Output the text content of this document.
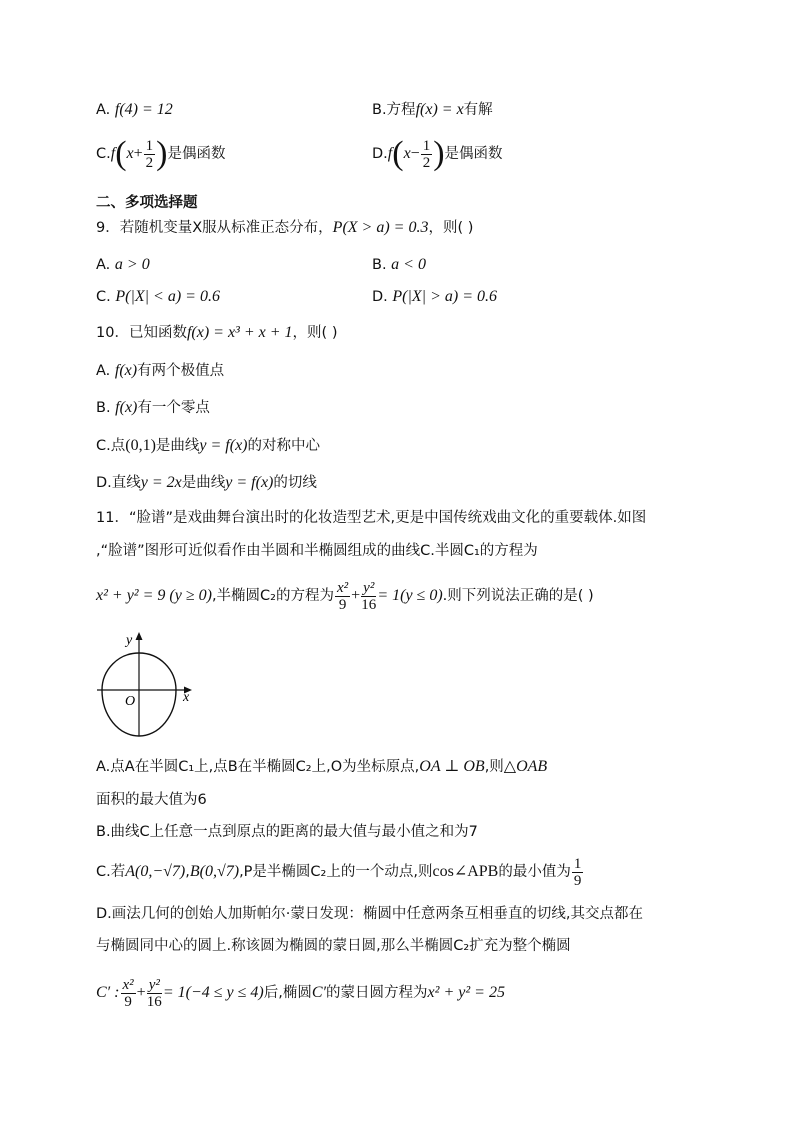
A. f(4) = 12	B.方程f(x) = x有解
$C.f(x+ \frac{1}{2}$ )是偶函数	$D.f(x- \frac{1}{2}$ )是偶函数
二、多项选择题
9．若随机变量X服从标准正态分布，P(X > a) = 0.3，则( )
A. a > 0	B. a < 0
C. P(|X| < a) = 0.6	D. P(|X| > a) = 0.6
10．已知函数f(x) = x³ + x + 1，则( )
A. f(x)有两个极值点
B. f(x)有一个零点
C.点(0,1)是曲线y = f(x)的对称中心
D.直线y = 2x是曲线y = f(x)的切线
11．“脸谱”是戏曲舞台演出时的化妆造型艺术,更是中国传统戏曲文化的重要载体.如图
,“脸谱”图形可近似看作由半圆和半椭圆组成的曲线C.半圆C₁的方程为
x² + y² = 9 (y ≥ 0),半椭圆C₂的方程为 $\frac{\text{x²}}{9} + \frac{\text{y²}}{16} = 1(y \le 0)$.则下列说法正确的是( )
y
x
O
A.点A在半圆C₁上,点B在半椭圆C₂上,O为坐标原点,OA ⊥ OB,则△OAB
面积的最大值为6
B.曲线C上任意一点到原点的距离的最大值与最小值之和为7
C.若A(0,−√7),B(0,√7),P是半椭圆C₂上的一个动点,则cos∠APB的最小值为 $\frac{1}{9}$
D.画法几何的创始人加斯帕尔·蒙日发现：椭圆中任意两条互相垂直的切线,其交点都在
与椭圆同中心的圆上.称该圆为椭圆的蒙日圆,那么半椭圆C₂扩充为整个椭圆
C′ : $\frac{\text{x²}}{9} + \frac{\text{y²}}{16} = 1(-4 \le y \le 4)$后,椭圆C′的蒙日圆方程为x² + y² = 25
